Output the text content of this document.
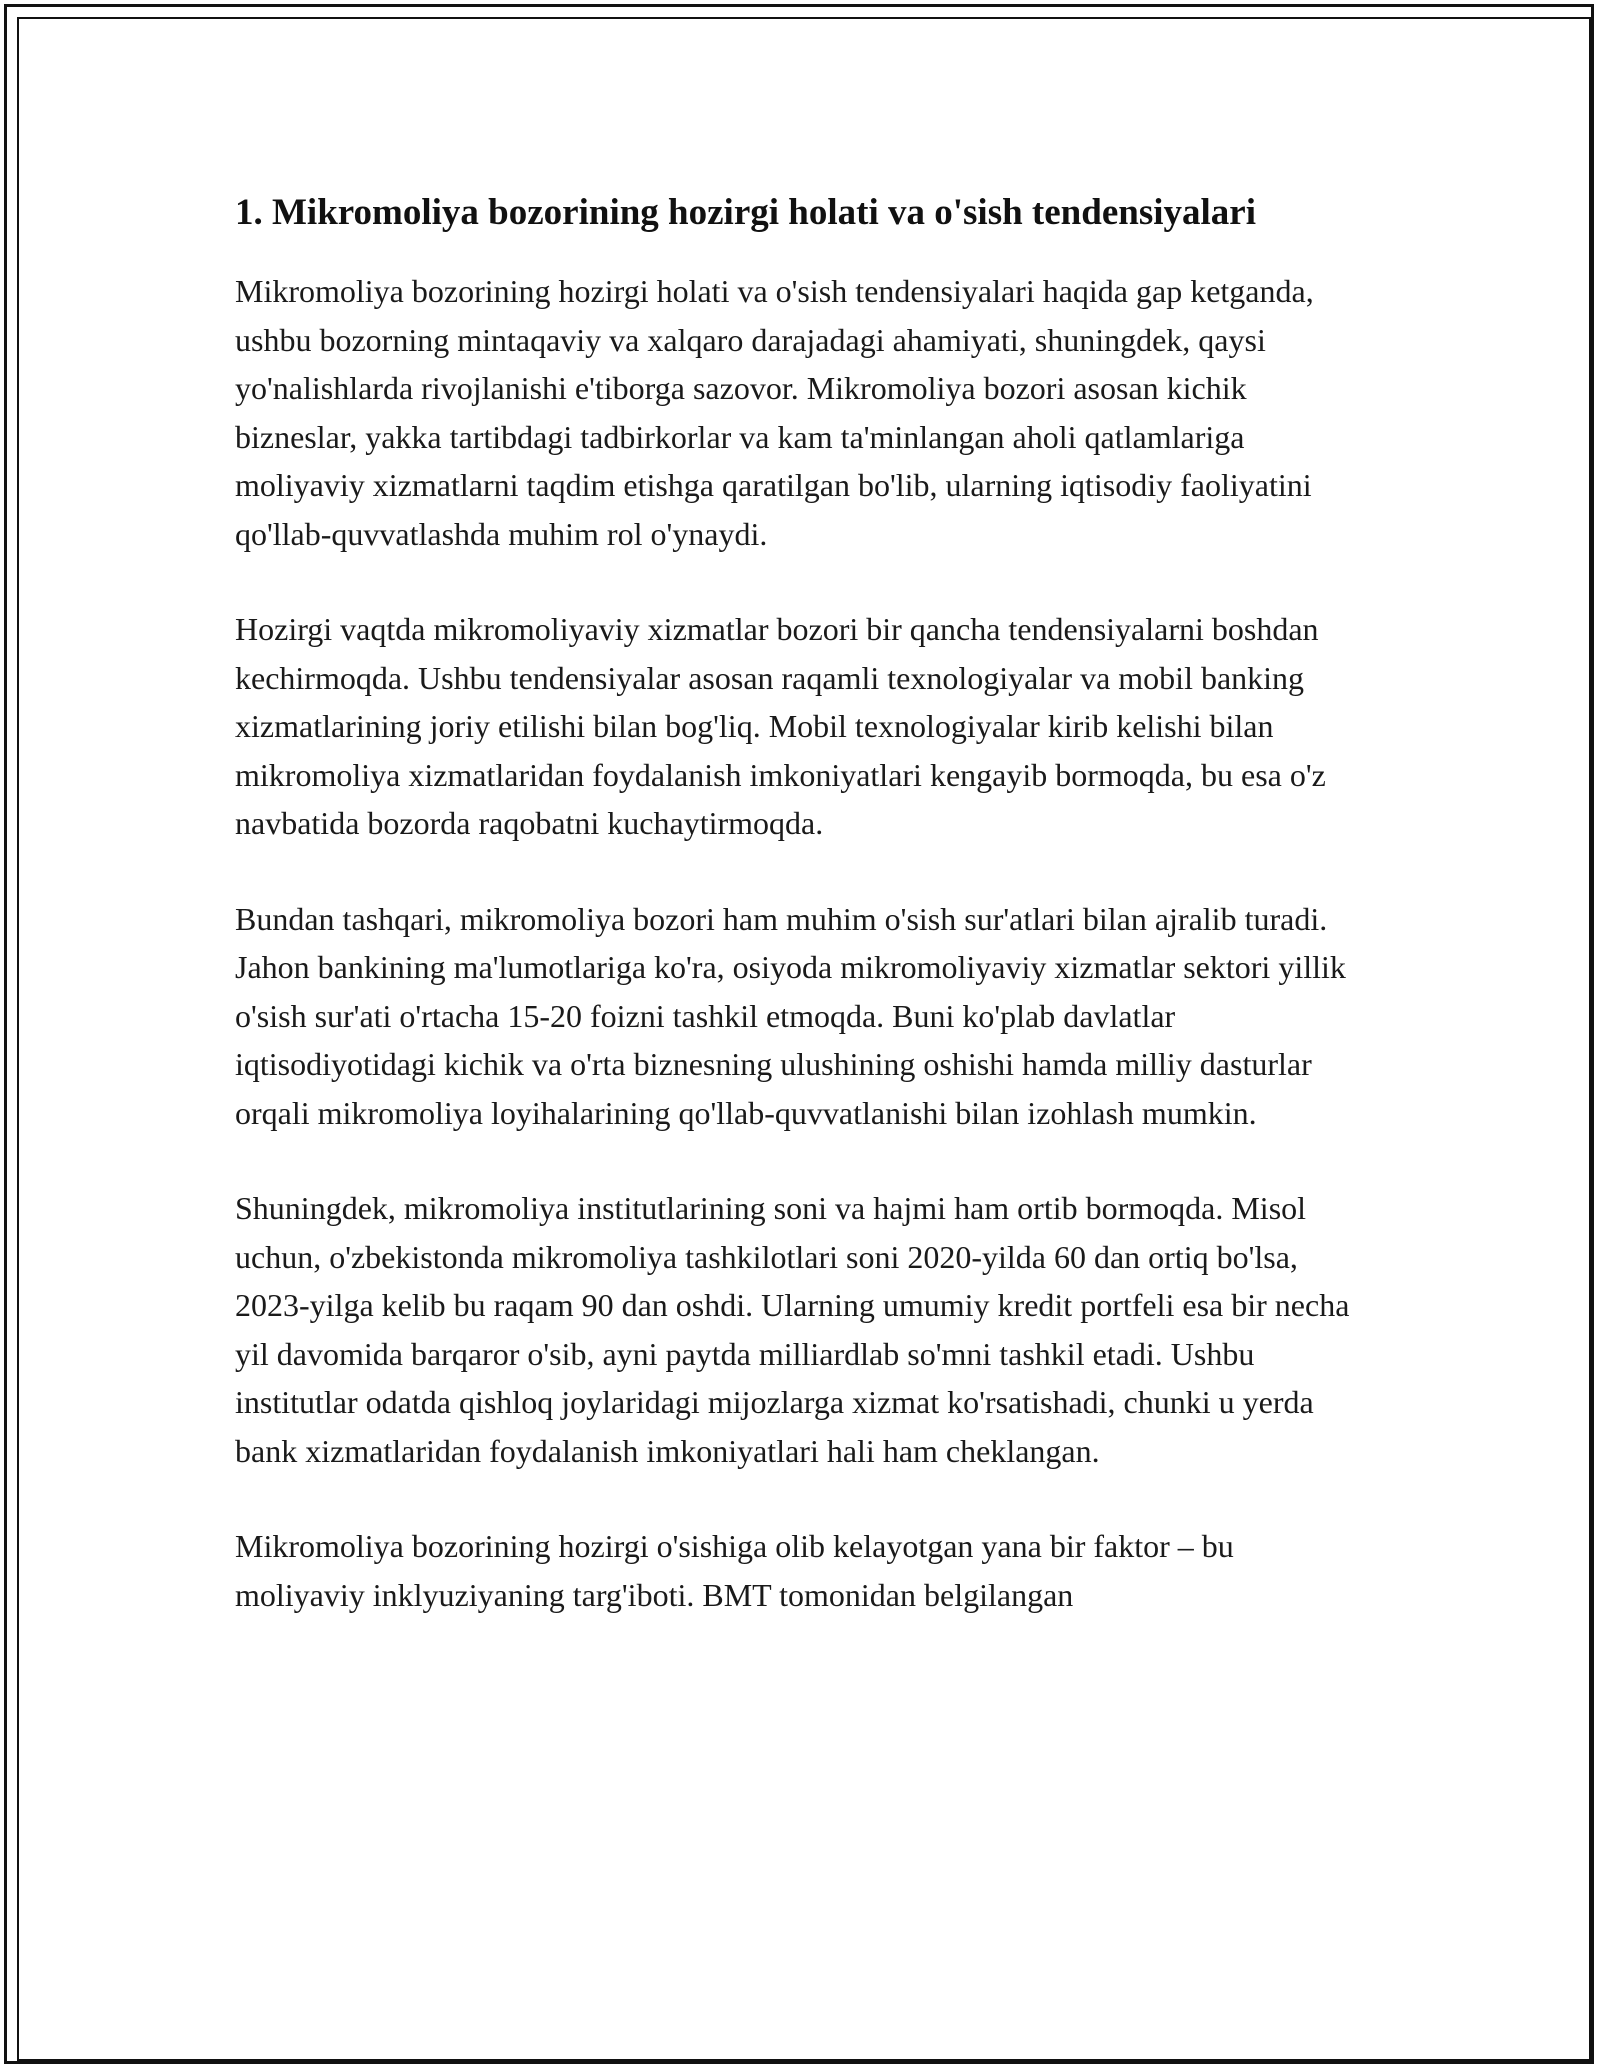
1. Mikromoliya bozorining hozirgi holati va o'sish tendensiyalari

Mikromoliya bozorining hozirgi holati va o'sish tendensiyalari haqida gap ketganda, ushbu bozorning mintaqaviy va xalqaro darajadagi ahamiyati, shuningdek, qaysi yo'nalishlarda rivojlanishi e'tiborga sazovor. Mikromoliya bozori asosan kichik bizneslar, yakka tartibdagi tadbirkorlar va kam ta'minlangan aholi qatlamlariga moliyaviy xizmatlarni taqdim etishga qaratilgan bo'lib, ularning iqtisodiy faoliyatini qo'llab-quvvatlashda muhim rol o'ynaydi.

Hozirgi vaqtda mikromoliyaviy xizmatlar bozori bir qancha tendensiyalarni boshdan kechirmoqda. Ushbu tendensiyalar asosan raqamli texnologiyalar va mobil banking xizmatlarining joriy etilishi bilan bog'liq. Mobil texnologiyalar kirib kelishi bilan mikromoliya xizmatlaridan foydalanish imkoniyatlari kengayib bormoqda, bu esa o'z navbatida bozorda raqobatni kuchaytirmoqda.

Bundan tashqari, mikromoliya bozori ham muhim o'sish sur'atlari bilan ajralib turadi. Jahon bankining ma'lumotlariga ko'ra, osiyoda mikromoliyaviy xizmatlar sektori yillik o'sish sur'ati o'rtacha 15-20 foizni tashkil etmoqda. Buni ko'plab davlatlar iqtisodiyotidagi kichik va o'rta biznesning ulushining oshishi hamda milliy dasturlar orqali mikromoliya loyihalarining qo'llab-quvvatlanishi bilan izohlash mumkin.

Shuningdek, mikromoliya institutlarining soni va hajmi ham ortib bormoqda. Misol uchun, o'zbekistonda mikromoliya tashkilotlari soni 2020-yilda 60 dan ortiq bo'lsa, 2023-yilga kelib bu raqam 90 dan oshdi. Ularning umumiy kredit portfeli esa bir necha yil davomida barqaror o'sib, ayni paytda milliardlab so'mni tashkil etadi. Ushbu institutlar odatda qishloq joylaridagi mijozlarga xizmat ko'rsatishadi, chunki u yerda bank xizmatlaridan foydalanish imkoniyatlari hali ham cheklangan.

Mikromoliya bozorining hozirgi o'sishiga olib kelayotgan yana bir faktor – bu moliyaviy inklyuziyaning targ'iboti. BMT tomonidan belgilangan
